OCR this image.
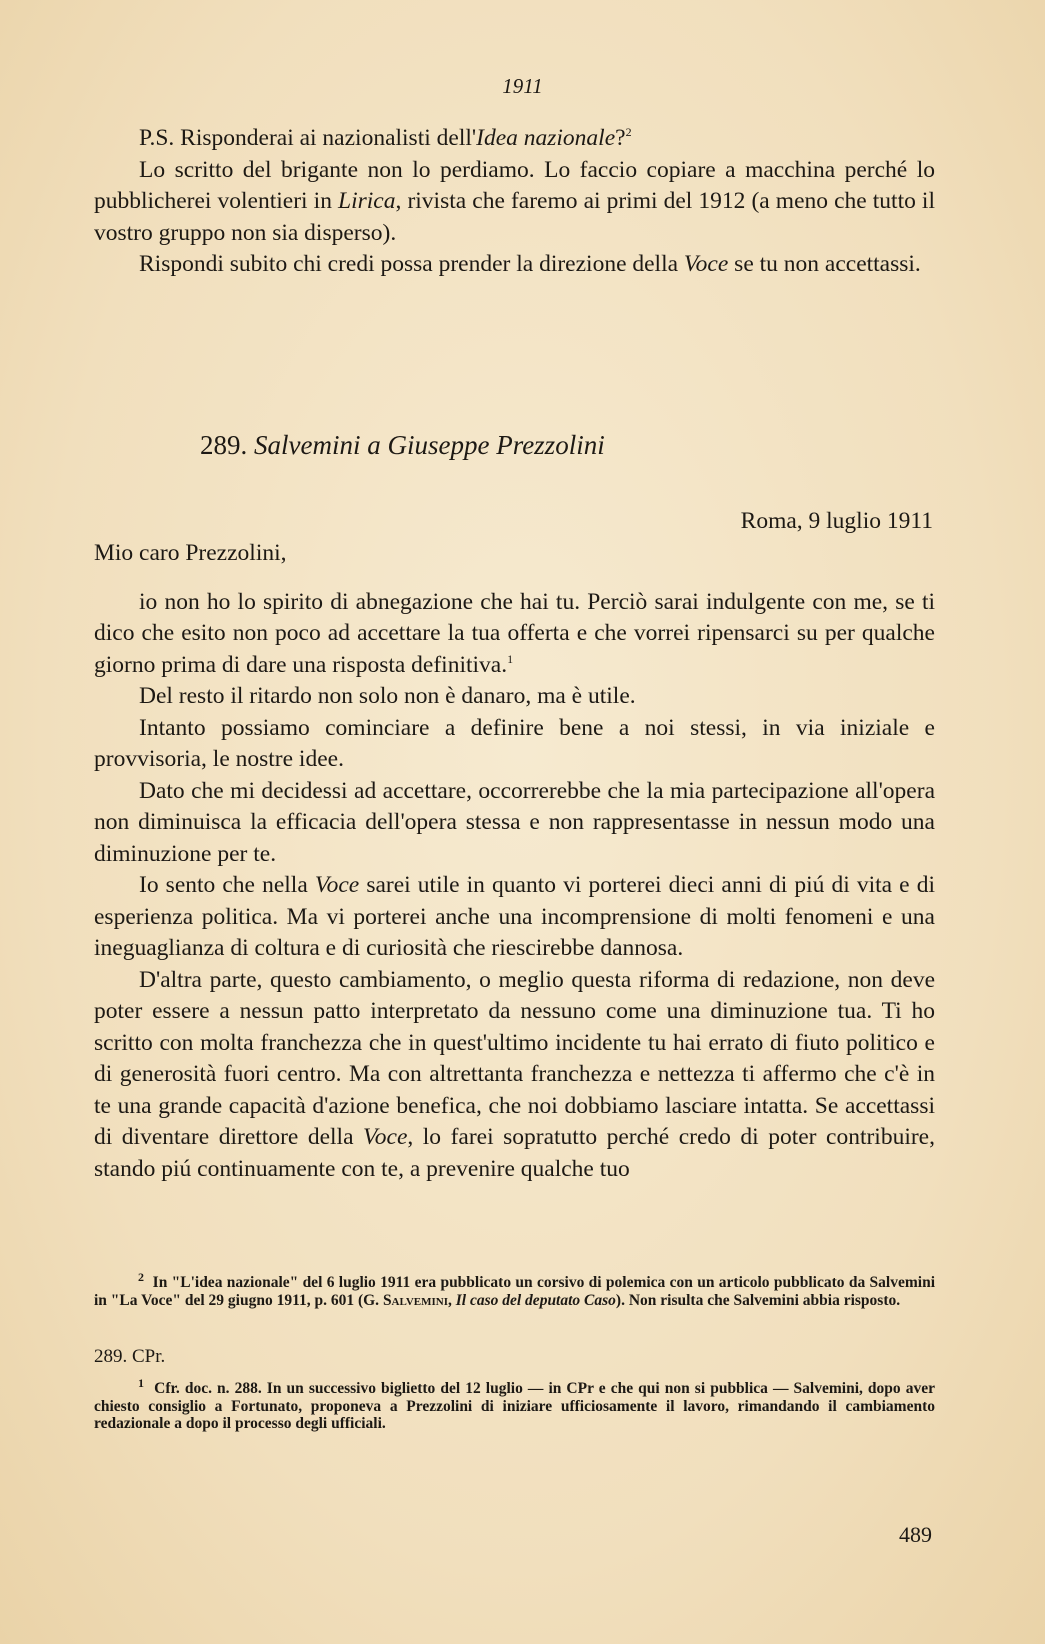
1911

P.S. Risponderai ai nazionalisti dell'Idea nazionale?$^2$

Lo scritto del brigante non lo perdiamo. Lo faccio copiare a macchina perché lo pubblicherei volentieri in Lirica, rivista che faremo ai primi del 1912 (a meno che tutto il vostro gruppo non sia disperso).

Rispondi subito chi credi possa prender la direzione della Voce se tu non accettassi.

289. Salvemini a Giuseppe Prezzolini
Roma, 9 luglio 1911

Mio caro Prezzolini,

io non ho lo spirito di abnegazione che hai tu. Perciò sarai indulgente con me, se ti dico che esito non poco ad accettare la tua offerta e che vorrei ripensarci su per qualche giorno prima di dare una risposta definitiva.$^1$

Del resto il ritardo non solo non è danaro, ma è utile.

Intanto possiamo cominciare a definire bene a noi stessi, in via iniziale e provvisoria, le nostre idee.

Dato che mi decidessi ad accettare, occorrerebbe che la mia partecipazione all'opera non diminuisca la efficacia dell'opera stessa e non rappresentasse in nessun modo una diminuzione per te.

Io sento che nella Voce sarei utile in quanto vi porterei dieci anni di piú di vita e di esperienza politica. Ma vi porterei anche una incomprensione di molti fenomeni e una ineguaglianza di coltura e di curiosità che riescirebbe dannosa.

D'altra parte, questo cambiamento, o meglio questa riforma di redazione, non deve poter essere a nessun patto interpretato da nessuno come una diminuzione tua. Ti ho scritto con molta franchezza che in quest'ultimo incidente tu hai errato di fiuto politico e di generosità fuori centro. Ma con altrettanta franchezza e nettezza ti affermo che c'è in te una grande capacità d'azione benefica, che noi dobbiamo lasciare intatta. Se accettassi di diventare direttore della Voce, lo farei sopratutto perché credo di poter contribuire, stando piú continuamente con te, a prevenire qualche tuo

$^2$ In "L'idea nazionale" del 6 luglio 1911 era pubblicato un corsivo di polemica con un articolo pubblicato da Salvemini in "La Voce" del 29 giugno 1911, p. 601 (G. Salvemini, Il caso del deputato Caso). Non risulta che Salvemini abbia risposto.

289. CPr.

$^1$ Cfr. doc. n. 288. In un successivo biglietto del 12 luglio — in CPr e che qui non si pubblica — Salvemini, dopo aver chiesto consiglio a Fortunato, proponeva a Prezzolini di iniziare ufficiosamente il lavoro, rimandando il cambiamento redazionale a dopo il processo degli ufficiali.

489
